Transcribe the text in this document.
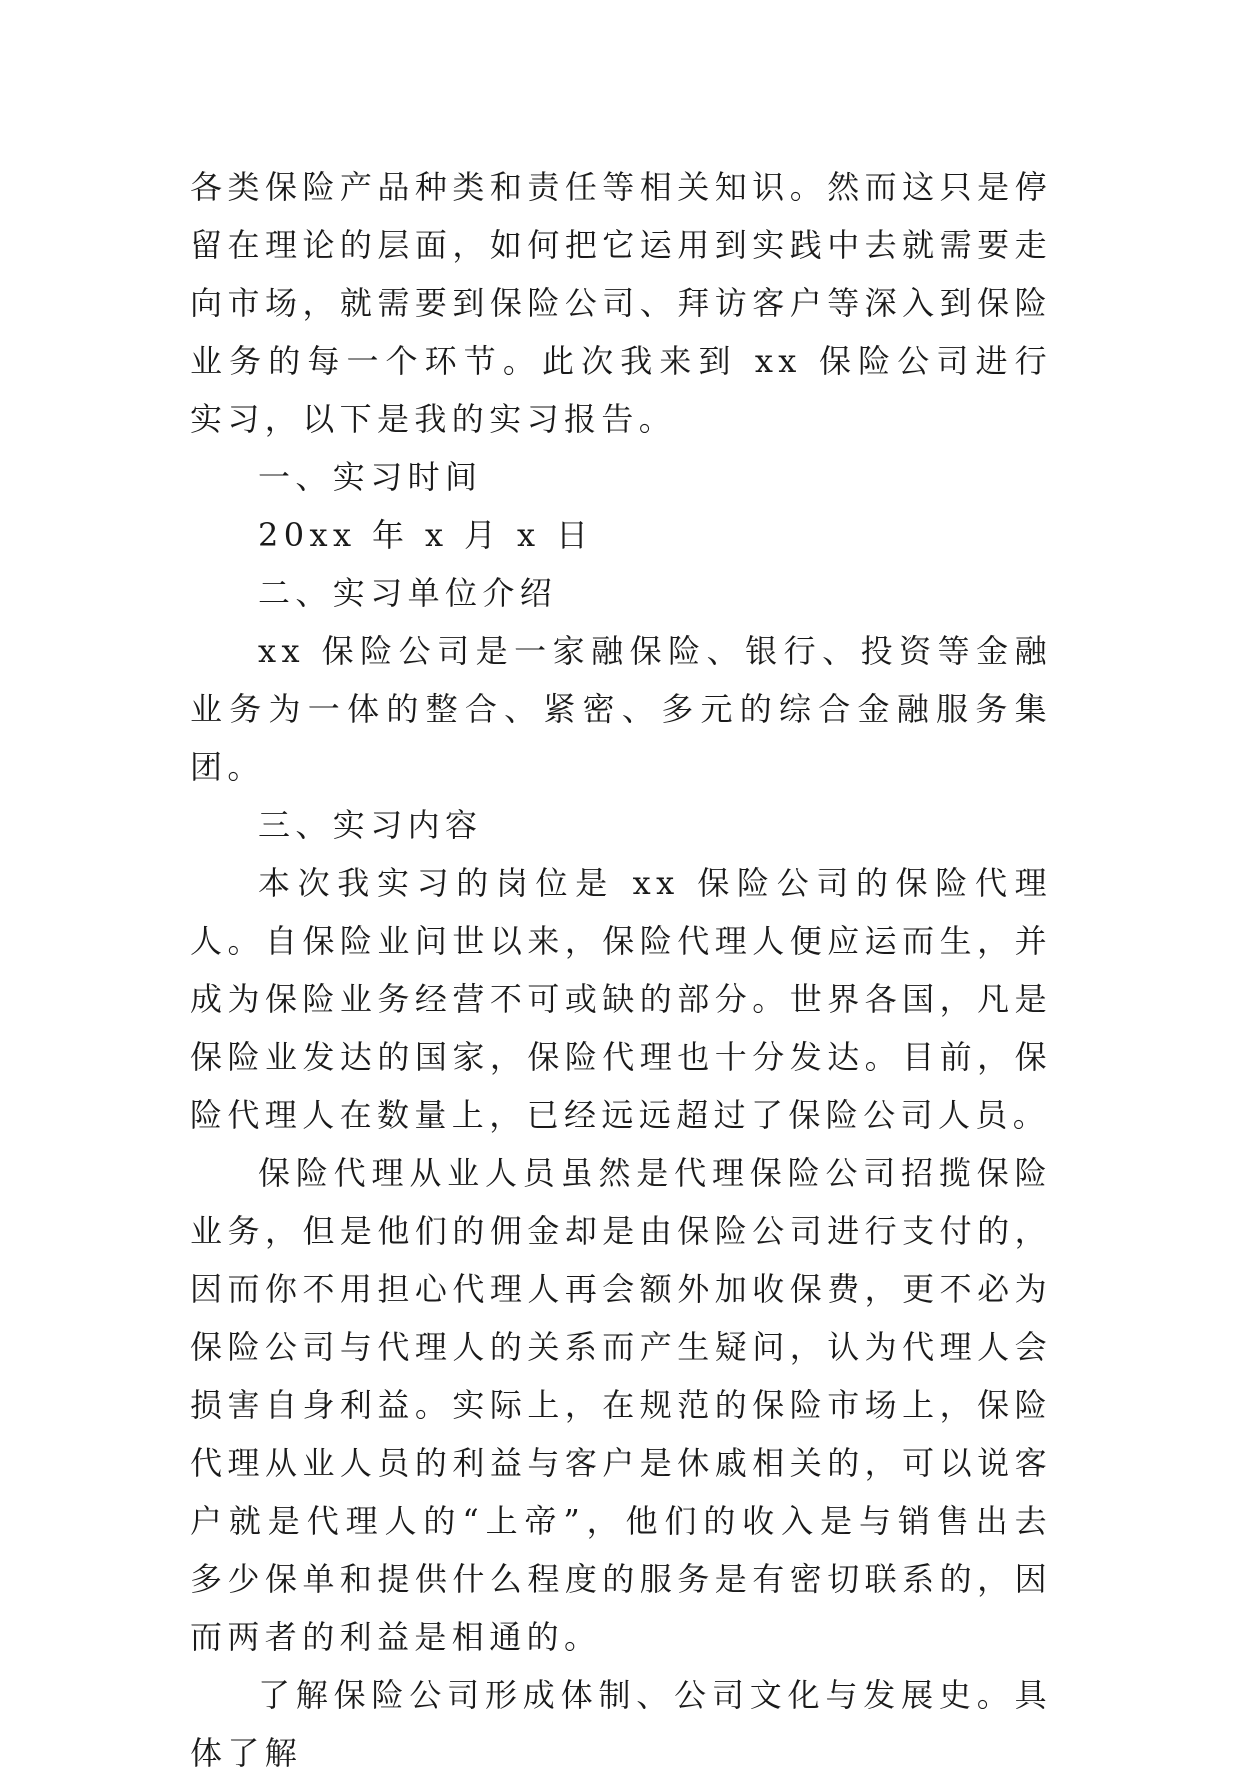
各类保险产品种类和责任等相关知识。然而这只是停留在理论的层面，如何把它运用到实践中去就需要走向市场，就需要到保险公司、拜访客户等深入到保险业务的每一个环节。此次我来到 xx 保险公司进行实习，以下是我的实习报告。

一、实习时间

20xx 年 x 月 x 日

二、实习单位介绍

xx 保险公司是一家融保险、银行、投资等金融业务为一体的整合、紧密、多元的综合金融服务集团。

三、实习内容

本次我实习的岗位是 xx 保险公司的保险代理人。自保险业问世以来，保险代理人便应运而生，并成为保险业务经营不可或缺的部分。世界各国，凡是保险业发达的国家，保险代理也十分发达。目前，保险代理人在数量上，已经远远超过了保险公司人员。

保险代理从业人员虽然是代理保险公司招揽保险业务，但是他们的佣金却是由保险公司进行支付的，因而你不用担心代理人再会额外加收保费，更不必为保险公司与代理人的关系而产生疑问，认为代理人会损害自身利益。实际上，在规范的保险市场上，保险代理从业人员的利益与客户是休戚相关的，可以说客户就是代理人的“上帝”，他们的收入是与销售出去多少保单和提供什么程度的服务是有密切联系的，因而两者的利益是相通的。

了解保险公司形成体制、公司文化与发展史。具体了解
